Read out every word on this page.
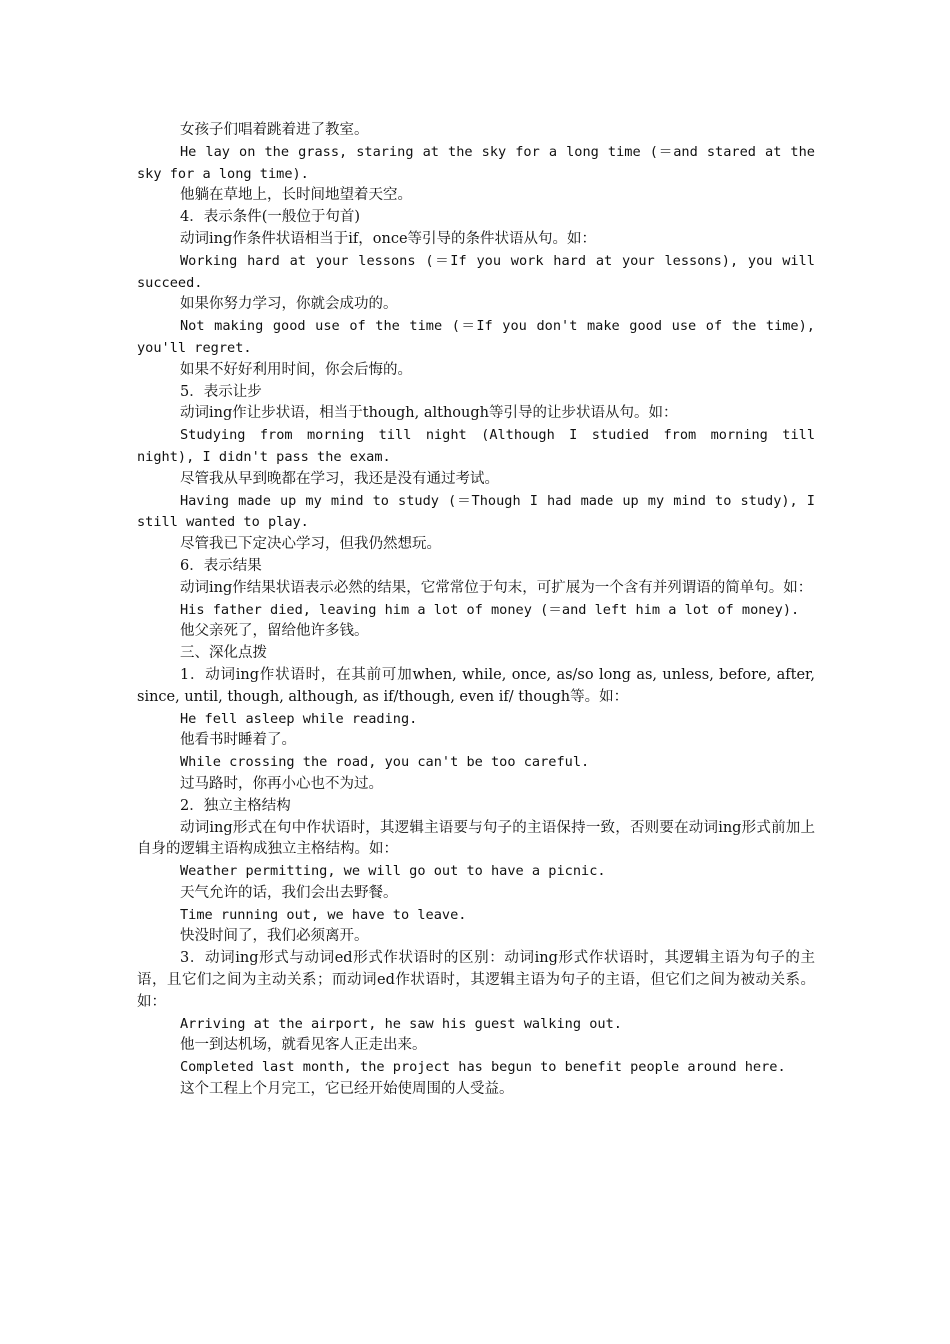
女孩子们唱着跳着进了教室。

He lay on the grass, staring at the sky for a long time (＝and stared at the sky for a long time).

他躺在草地上，长时间地望着天空。

4．表示条件(一般位于句首)

动词ing作条件状语相当于if，once等引导的条件状语从句。如：

Working hard at your lessons (＝If you work hard at your lessons), you will succeed.

如果你努力学习，你就会成功的。

Not making good use of the time (＝If you don't make good use of the time), you'll regret.

如果不好好利用时间，你会后悔的。

5．表示让步

动词ing作让步状语，相当于though, although等引导的让步状语从句。如：

Studying from morning till night (Although I studied from morning till night), I didn't pass the exam.

尽管我从早到晚都在学习，我还是没有通过考试。

Having made up my mind to study (＝Though I had made up my mind to study), I still wanted to play.

尽管我已下定决心学习，但我仍然想玩。

6．表示结果

动词ing作结果状语表示必然的结果，它常常位于句末，可扩展为一个含有并列谓语的简单句。如：

His father died, leaving him a lot of money (＝and left him a lot of money).

他父亲死了，留给他许多钱。

三、深化点拨

1．动词ing作状语时，在其前可加when, while, once, as/so long as, unless, before, after, since, until, though, although, as if/though, even if/ though等。如：

He fell asleep while reading.

他看书时睡着了。

While crossing the road, you can't be too careful.

过马路时，你再小心也不为过。

2．独立主格结构

动词ing形式在句中作状语时，其逻辑主语要与句子的主语保持一致，否则要在动词ing形式前加上自身的逻辑主语构成独立主格结构。如：

Weather permitting, we will go out to have a picnic.

天气允许的话，我们会出去野餐。

Time running out, we have to leave.

快没时间了，我们必须离开。

3．动词ing形式与动词ed形式作状语时的区别：动词ing形式作状语时，其逻辑主语为句子的主语，且它们之间为主动关系；而动词ed作状语时，其逻辑主语为句子的主语，但它们之间为被动关系。如：

Arriving at the airport, he saw his guest walking out.

他一到达机场，就看见客人正走出来。

Completed last month, the project has begun to benefit people around here.

这个工程上个月完工，它已经开始使周围的人受益。
